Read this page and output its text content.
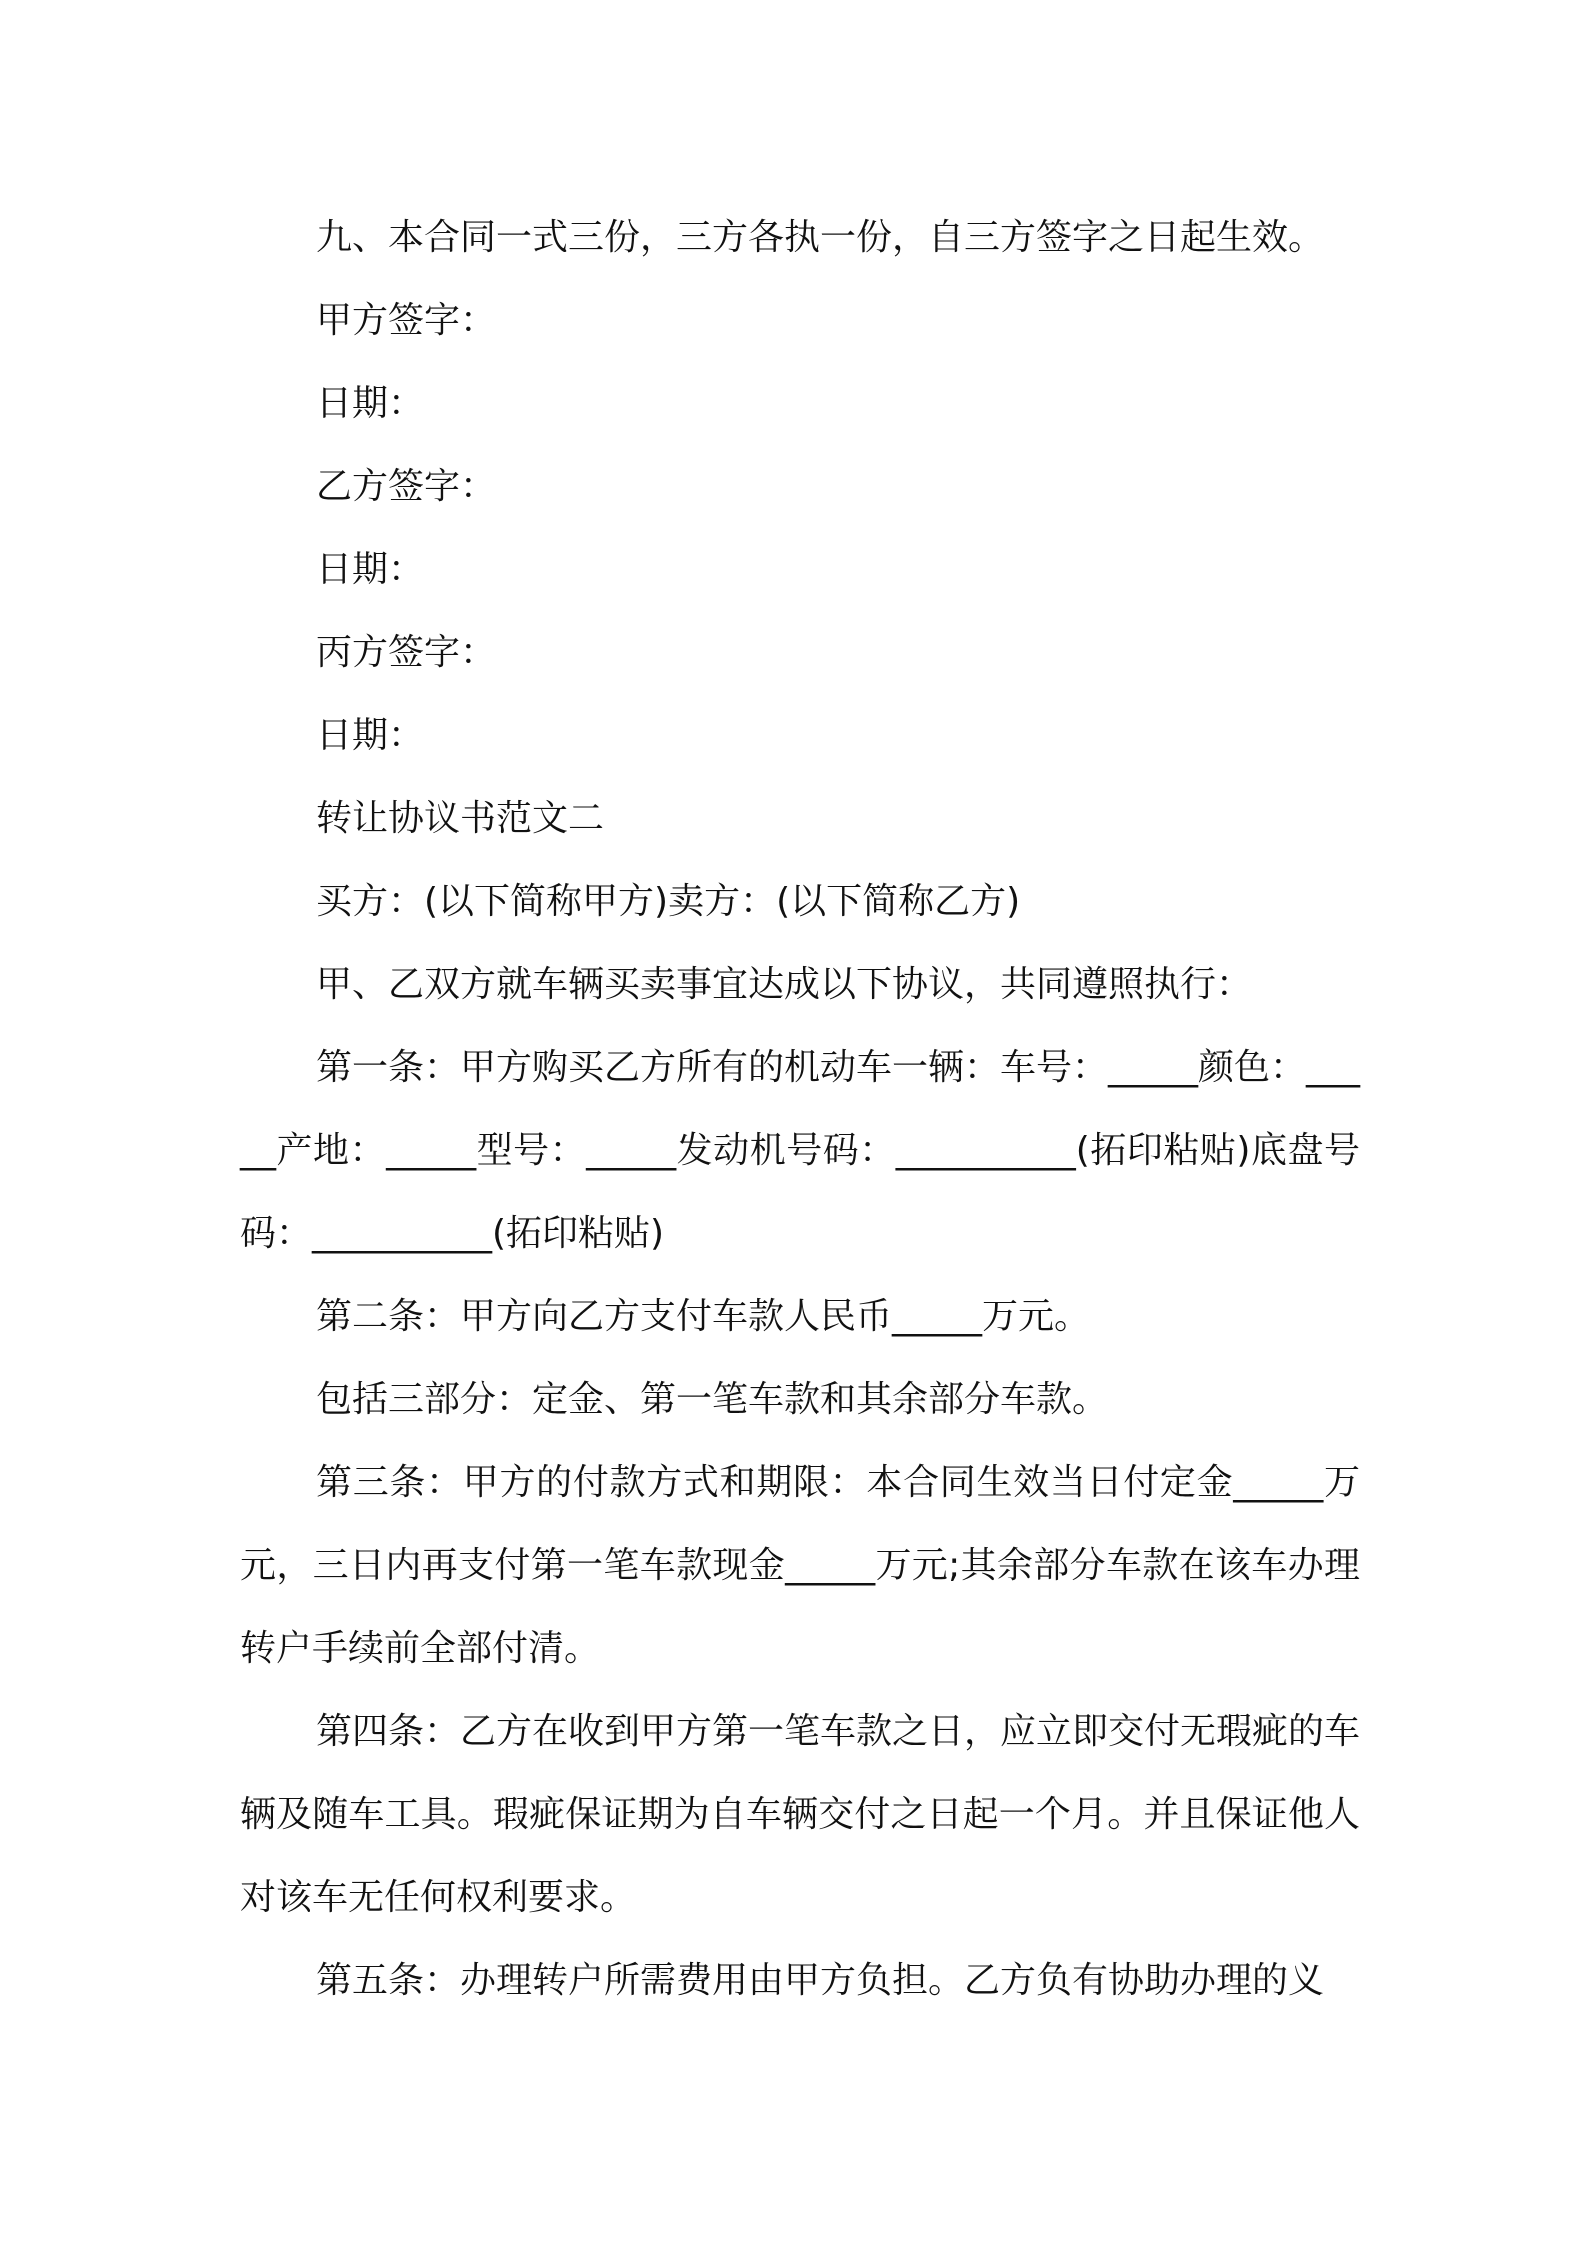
九、本合同一式三份，三方各执一份，自三方签字之日起生效。

甲方签字：

日期：

乙方签字：

日期：

丙方签字：

日期：

转让协议书范文二

买方：(以下简称甲方)卖方：(以下简称乙方)

甲、乙双方就车辆买卖事宜达成以下协议，共同遵照执行：

第一条：甲方购买乙方所有的机动车一辆：车号：_____颜色：_____产地：_____型号：_____发动机号码：__________(拓印粘贴)底盘号码：__________(拓印粘贴)

第二条：甲方向乙方支付车款人民币_____万元。

包括三部分：定金、第一笔车款和其余部分车款。

第三条：甲方的付款方式和期限：本合同生效当日付定金_____万元，三日内再支付第一笔车款现金_____万元;其余部分车款在该车办理转户手续前全部付清。

第四条：乙方在收到甲方第一笔车款之日，应立即交付无瑕疵的车辆及随车工具。瑕疵保证期为自车辆交付之日起一个月。并且保证他人对该车无任何权利要求。

第五条：办理转户所需费用由甲方负担。乙方负有协助办理的义
